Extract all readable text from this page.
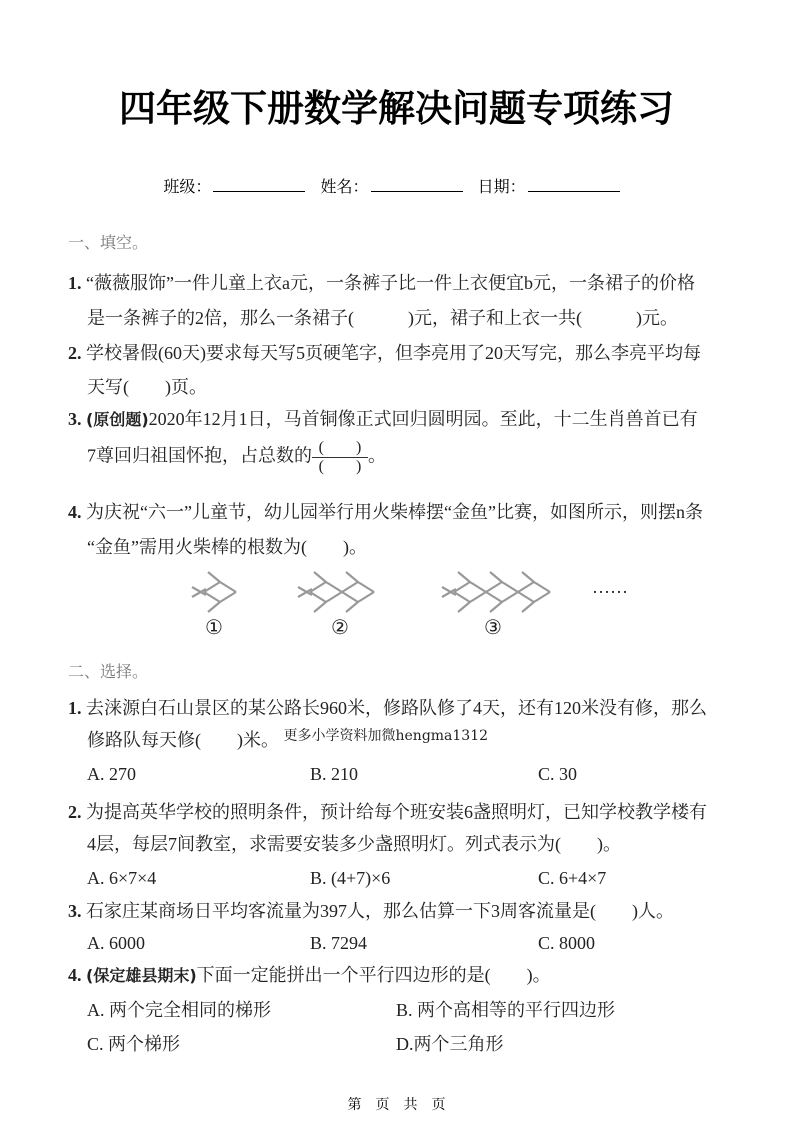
四年级下册数学解决问题专项练习
班级：	姓名：	日期：
一、填空。
1. “薇薇服饰”一件儿童上衣a元，一条裤子比一件上衣便宜b元，一条裙子的价格
是一条裤子的2倍，那么一条裙子(　　　)元，裙子和上衣一共(　　　)元。
2. 学校暑假(60天)要求每天写5页硬笔字，但李亮用了20天写完，那么李亮平均每
天写(　　)页。
3. (原创题)2020年12月1日，马首铜像正式回归圆明园。至此，十二生肖兽首已有
7尊回归祖国怀抱，占总数的 $\frac{( )}{( )}$ 。
4. 为庆祝“六一”儿童节，幼儿园举行用火柴棒摆“金鱼”比赛，如图所示，则摆n条
“金鱼”需用火柴棒的根数为(　　)。
①	②	③
……
二、选择。
1. 去涞源白石山景区的某公路长960米，修路队修了4天，还有120米没有修，那么
修路队每天修(　　)米。 $^{更多小学资料加微hengma1312}$
A. 270	B. 210	C. 30
2. 为提高英华学校的照明条件，预计给每个班安装6盏照明灯，已知学校教学楼有
4层，每层7间教室，求需要安装多少盏照明灯。列式表示为(　　)。
A. 6×7×4	B. (4+7)×6	C. 6+4×7
3. 石家庄某商场日平均客流量为397人，那么估算一下3周客流量是(　　)人。
A. 6000	B. 7294	C. 8000
4. (保定雄县期末)下面一定能拼出一个平行四边形的是(　　)。
A. 两个完全相同的梯形	B. 两个高相等的平行四边形
C. 两个梯形	D.两个三角形
第　页　共　页
